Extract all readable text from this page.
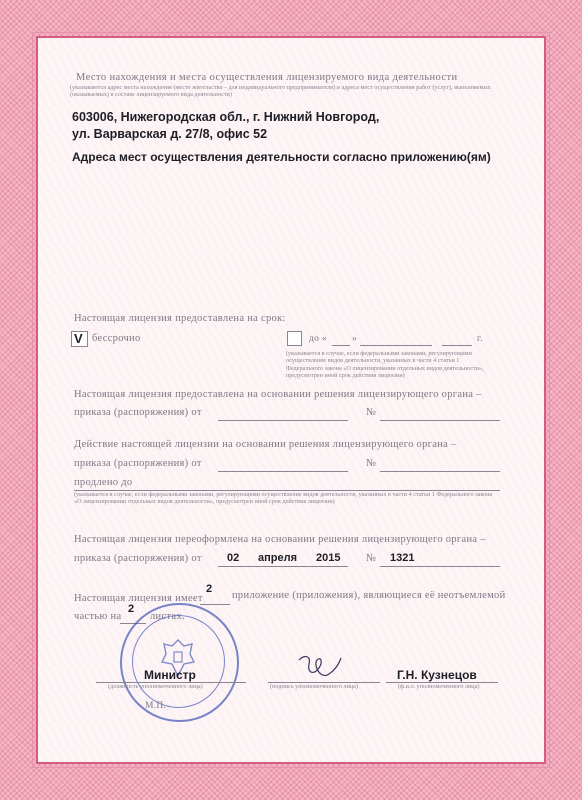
Место нахождения и места осуществления лицензируемого вида деятельности
(указываются адрес места нахождения (место жительства – для индивидуального предпринимателя) и адреса мест осуществления работ (услуг), выполняемых (оказываемых) в составе лицензируемого вида деятельности)
603006, Нижегородская обл., г. Нижний Новгород,
ул. Варварская д. 27/8, офис 52
Адреса мест осуществления деятельности согласно приложению(ям)
Настоящая лицензия предоставлена на срок:
V бессрочно	до «	»	г.
(указывается в случае, если федеральными законами, регулирующими осуществление видов деятельности, указанных в части 4 статьи 1 Федерального закона «О лицензировании отдельных видов деятельности», предусмотрен иной срок действия лицензии)
Настоящая лицензия предоставлена на основании решения лицензирующего органа –
приказа (распоряжения) от	№
Действие настоящей лицензии на основании решения лицензирующего органа –
приказа (распоряжения) от	№
продлено до
(указывается в случае, если федеральными законами, регулирующими осуществление видов деятельности, указанных в части 4 статьи 1 Федерального закона «О лицензировании отдельных видов деятельности», предусмотрен иной срок действия лицензии)
Настоящая лицензия переоформлена на основании решения лицензирующего органа –
приказа (распоряжения) от 02 апреля 2015 № 1321
Настоящая лицензия имеет
2
приложение (приложения), являющиеся её неотъемлемой
частью на
2
листах.
Министр
(должность уполномоченного лица)	(подпись уполномоченного лица)
Г.Н. Кузнецов
(ф.и.о. уполномоченного лица)
М.П.
